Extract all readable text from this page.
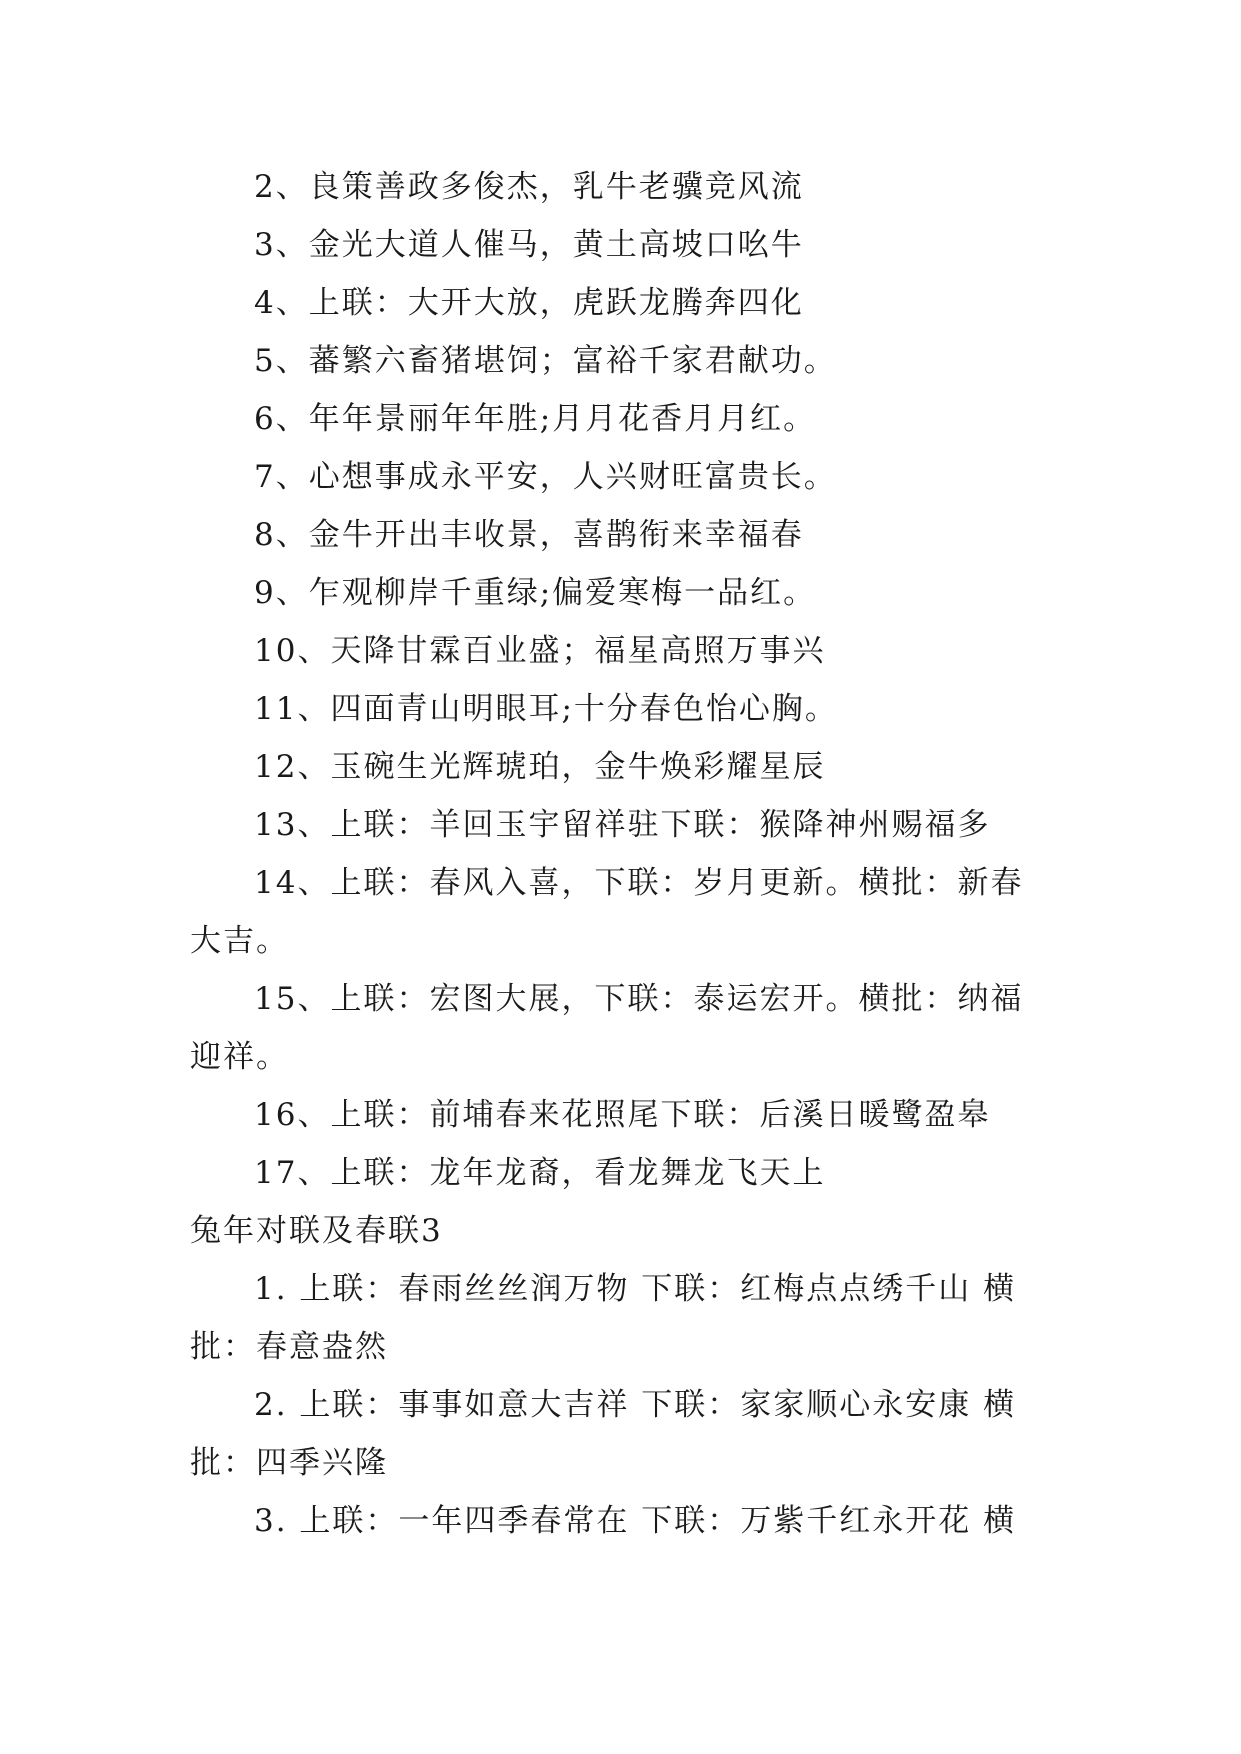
2、良策善政多俊杰，乳牛老骥竞风流

3、金光大道人催马，黄土高坡口吆牛

4、上联：大开大放，虎跃龙腾奔四化

5、蕃繁六畜猪堪饲；富裕千家君献功。

6、年年景丽年年胜;月月花香月月红。

7、心想事成永平安，人兴财旺富贵长。

8、金牛开出丰收景，喜鹊衔来幸福春

9、乍观柳岸千重绿;偏爱寒梅一品红。

10、天降甘霖百业盛；福星高照万事兴

11、四面青山明眼耳;十分春色怡心胸。

12、玉碗生光辉琥珀，金牛焕彩耀星辰

13、上联：羊回玉宇留祥驻下联：猴降神州赐福多

14、上联：春风入喜，下联：岁月更新。横批：新春大吉。

15、上联：宏图大展，下联：泰运宏开。横批：纳福迎祥。

16、上联：前埔春来花照尾下联：后溪日暖鹭盈皋

17、上联：龙年龙裔，看龙舞龙飞天上

兔年对联及春联3

1. 上联：春雨丝丝润万物 下联：红梅点点绣千山 横批：春意盎然

2. 上联：事事如意大吉祥 下联：家家顺心永安康 横批：四季兴隆

3. 上联：一年四季春常在 下联：万紫千红永开花 横
